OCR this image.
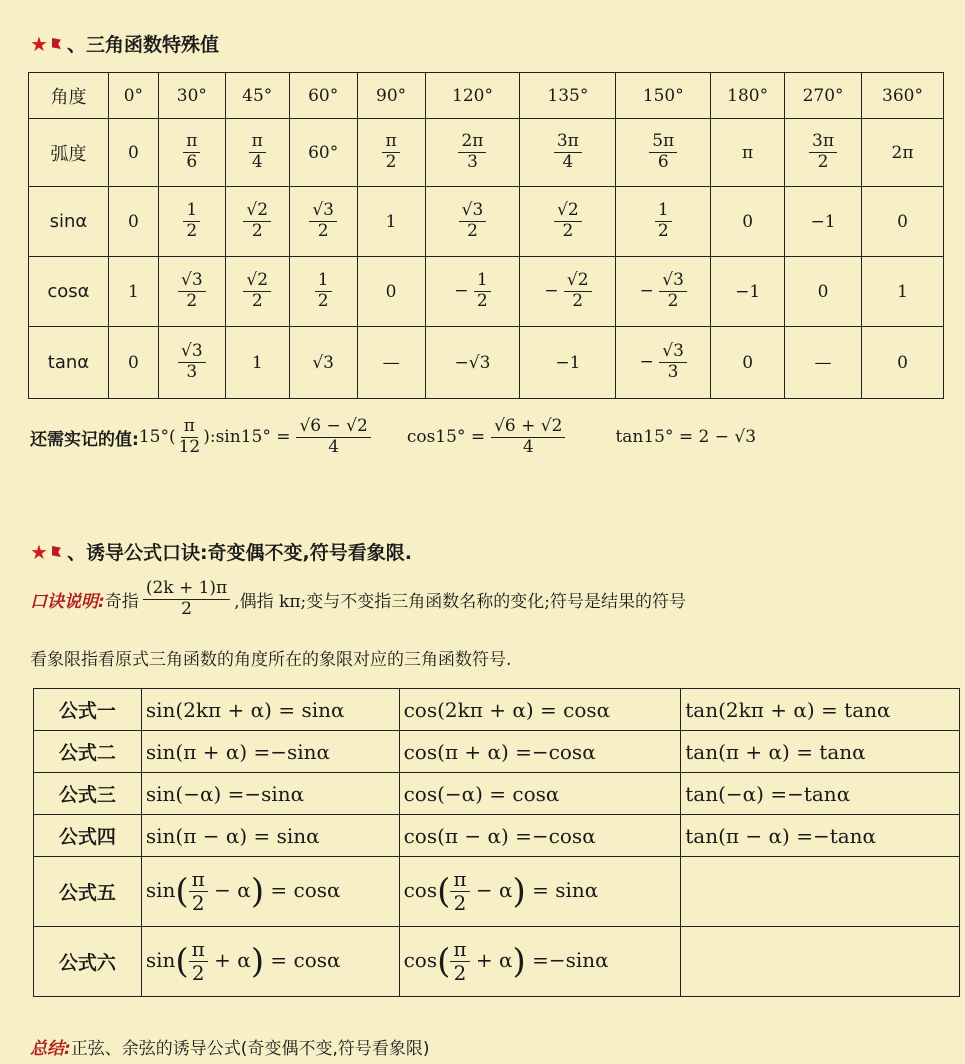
★ 、三角函数特殊值
角度	0°	30°	45°	60°	90°	120°	135°	150°	180°	270°	360°
弧度	0	$\frac{\pi}{6}$	$\frac{\pi}{4}$	60°	$\frac{\pi}{2}$	$\frac{2\pi}{3}$	$\frac{3\pi}{4}$	$\frac{5\pi}{6}$	π	$\frac{3\pi}{2}$	2π
sinα	0	$\frac{1}{2}$	$\frac{√2}{2}$	$\frac{√3}{2}$	1	$\frac{√3}{2}$	$\frac{√2}{2}$	$\frac{1}{2}$	0	−1	0
cosα	1	$\frac{√3}{2}$	$\frac{√2}{2}$	$\frac{1}{2}$	0	− $\frac{1}{2}$	− $\frac{√2}{2}$	− $\frac{√3}{2}$	−1	0	1
tanα	0	$\frac{√3}{3}$	1	√3	—	−√3	−1	− $\frac{√3}{3}$	0	—	0
还需实记的值: $15^\circ( \frac{\pi}{12}$ ):sin15° = $\frac{√6 - √2}{4} \cos 15^\circ = \frac{√6 + √2}{4}$	tan15° = 2 − √3
★ 、诱导公式口诀:奇变偶不变,符号看象限.
口诀说明: 奇指 $\frac{(2k + 1)\pi}{2}$ ,偶指 kπ;变与不变指三角函数名称的变化;符号是结果的符号
看象限指看原式三角函数的角度所在的象限对应的三角函数符号.
公式一	sin(2kπ + α) = sinα	cos(2kπ + α) = cosα	tan(2kπ + α) = tanα
公式二	sin(π + α) =−sinα	cos(π + α) =−cosα	tan(π + α) = tanα
公式三	sin(−α) =−sinα	cos(−α) = cosα	tan(−α) =−tanα
公式四	sin(π − α) = sinα	cos(π − α) =−cosα	tan(π − α) =−tanα
公式五	$\sin( \frac{\pi}{2} - \alpha) = \cos\alpha$	$\cos( \frac{\pi}{2} - \alpha) = \sin\alpha$	
公式六	$\sin( \frac{\pi}{2} + \alpha) = \cos\alpha$	$\cos( \frac{\pi}{2} + \alpha) =-\sin\alpha$	
总结:正弦、余弦的诱导公式(奇变偶不变,符号看象限)
